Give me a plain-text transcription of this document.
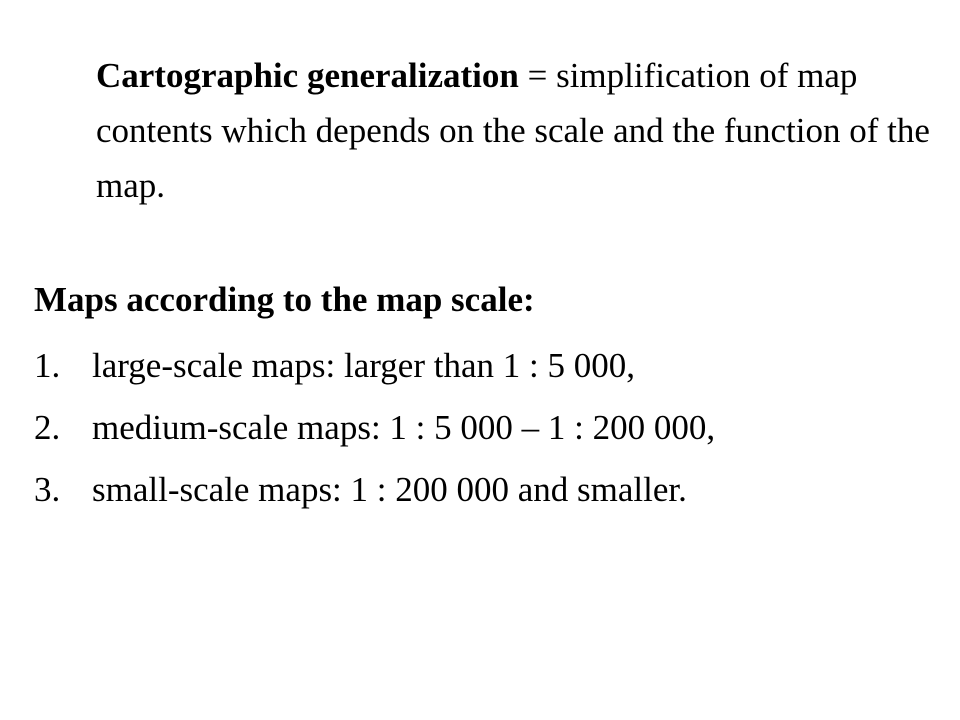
Cartographic generalization = simplification of map contents which depends on the scale and the function of the map.

Maps according to the map scale:

1. large-scale maps: larger than 1 : 5 000,
2. medium-scale maps: 1 : 5 000 – 1 : 200 000,
3. small-scale maps: 1 : 200 000 and smaller.
